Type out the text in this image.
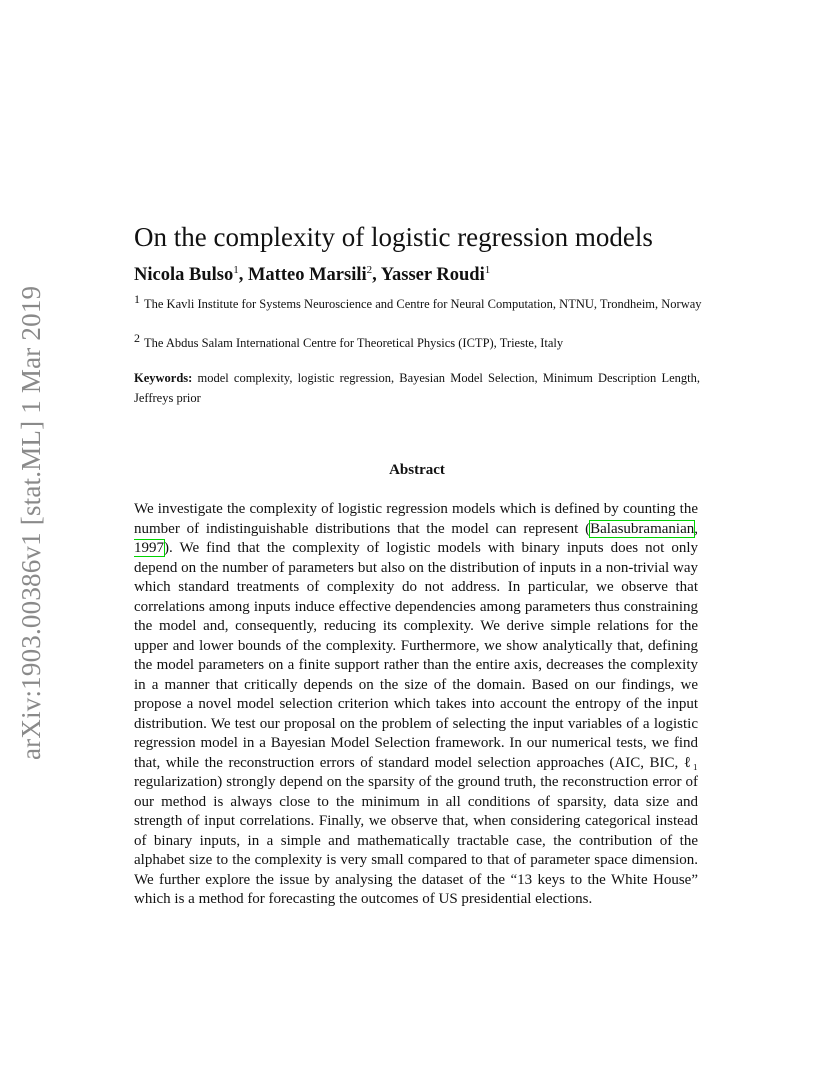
arXiv:1903.00386v1 [stat.ML] 1 Mar 2019
On the complexity of logistic regression models
Nicola Bulso$^1$, Matteo Marsili$^2$, Yasser Roudi$^1$
$^1$ The Kavli Institute for Systems Neuroscience and Centre for Neural Computation, NTNU, Trondheim, Norway
$^2$ The Abdus Salam International Centre for Theoretical Physics (ICTP), Trieste, Italy
Keywords: model complexity, logistic regression, Bayesian Model Selection, Minimum Description Length, Jeffreys prior
Abstract
We investigate the complexity of logistic regression models which is defined by counting the number of indistinguishable distributions that the model can represent (Balasubramanian, 1997). We find that the complexity of logistic models with binary inputs does not only depend on the number of parameters but also on the distribution of inputs in a non-trivial way which standard treatments of complexity do not address. In particular, we observe that correlations among inputs induce effective dependencies among parameters thus constraining the model and, consequently, reducing its complexity. We derive simple relations for the upper and lower bounds of the complexity. Furthermore, we show analytically that, defining the model parameters on a finite support rather than the entire axis, decreases the complexity in a manner that critically depends on the size of the domain. Based on our findings, we propose a novel model selection criterion which takes into account the entropy of the input distribution. We test our proposal on the problem of selecting the input variables of a logistic regression model in a Bayesian Model Selection framework. In our numerical tests, we find that, while the reconstruction errors of standard model selection approaches (AIC, BIC, ℓ₁ regularization) strongly depend on the sparsity of the ground truth, the reconstruction error of our method is always close to the minimum in all conditions of sparsity, data size and strength of input correlations. Finally, we observe that, when considering categorical instead of binary inputs, in a simple and mathematically tractable case, the contribution of the alphabet size to the complexity is very small compared to that of parameter space dimension. We further explore the issue by analysing the dataset of the “13 keys to the White House” which is a method for forecasting the outcomes of US presidential elections.
